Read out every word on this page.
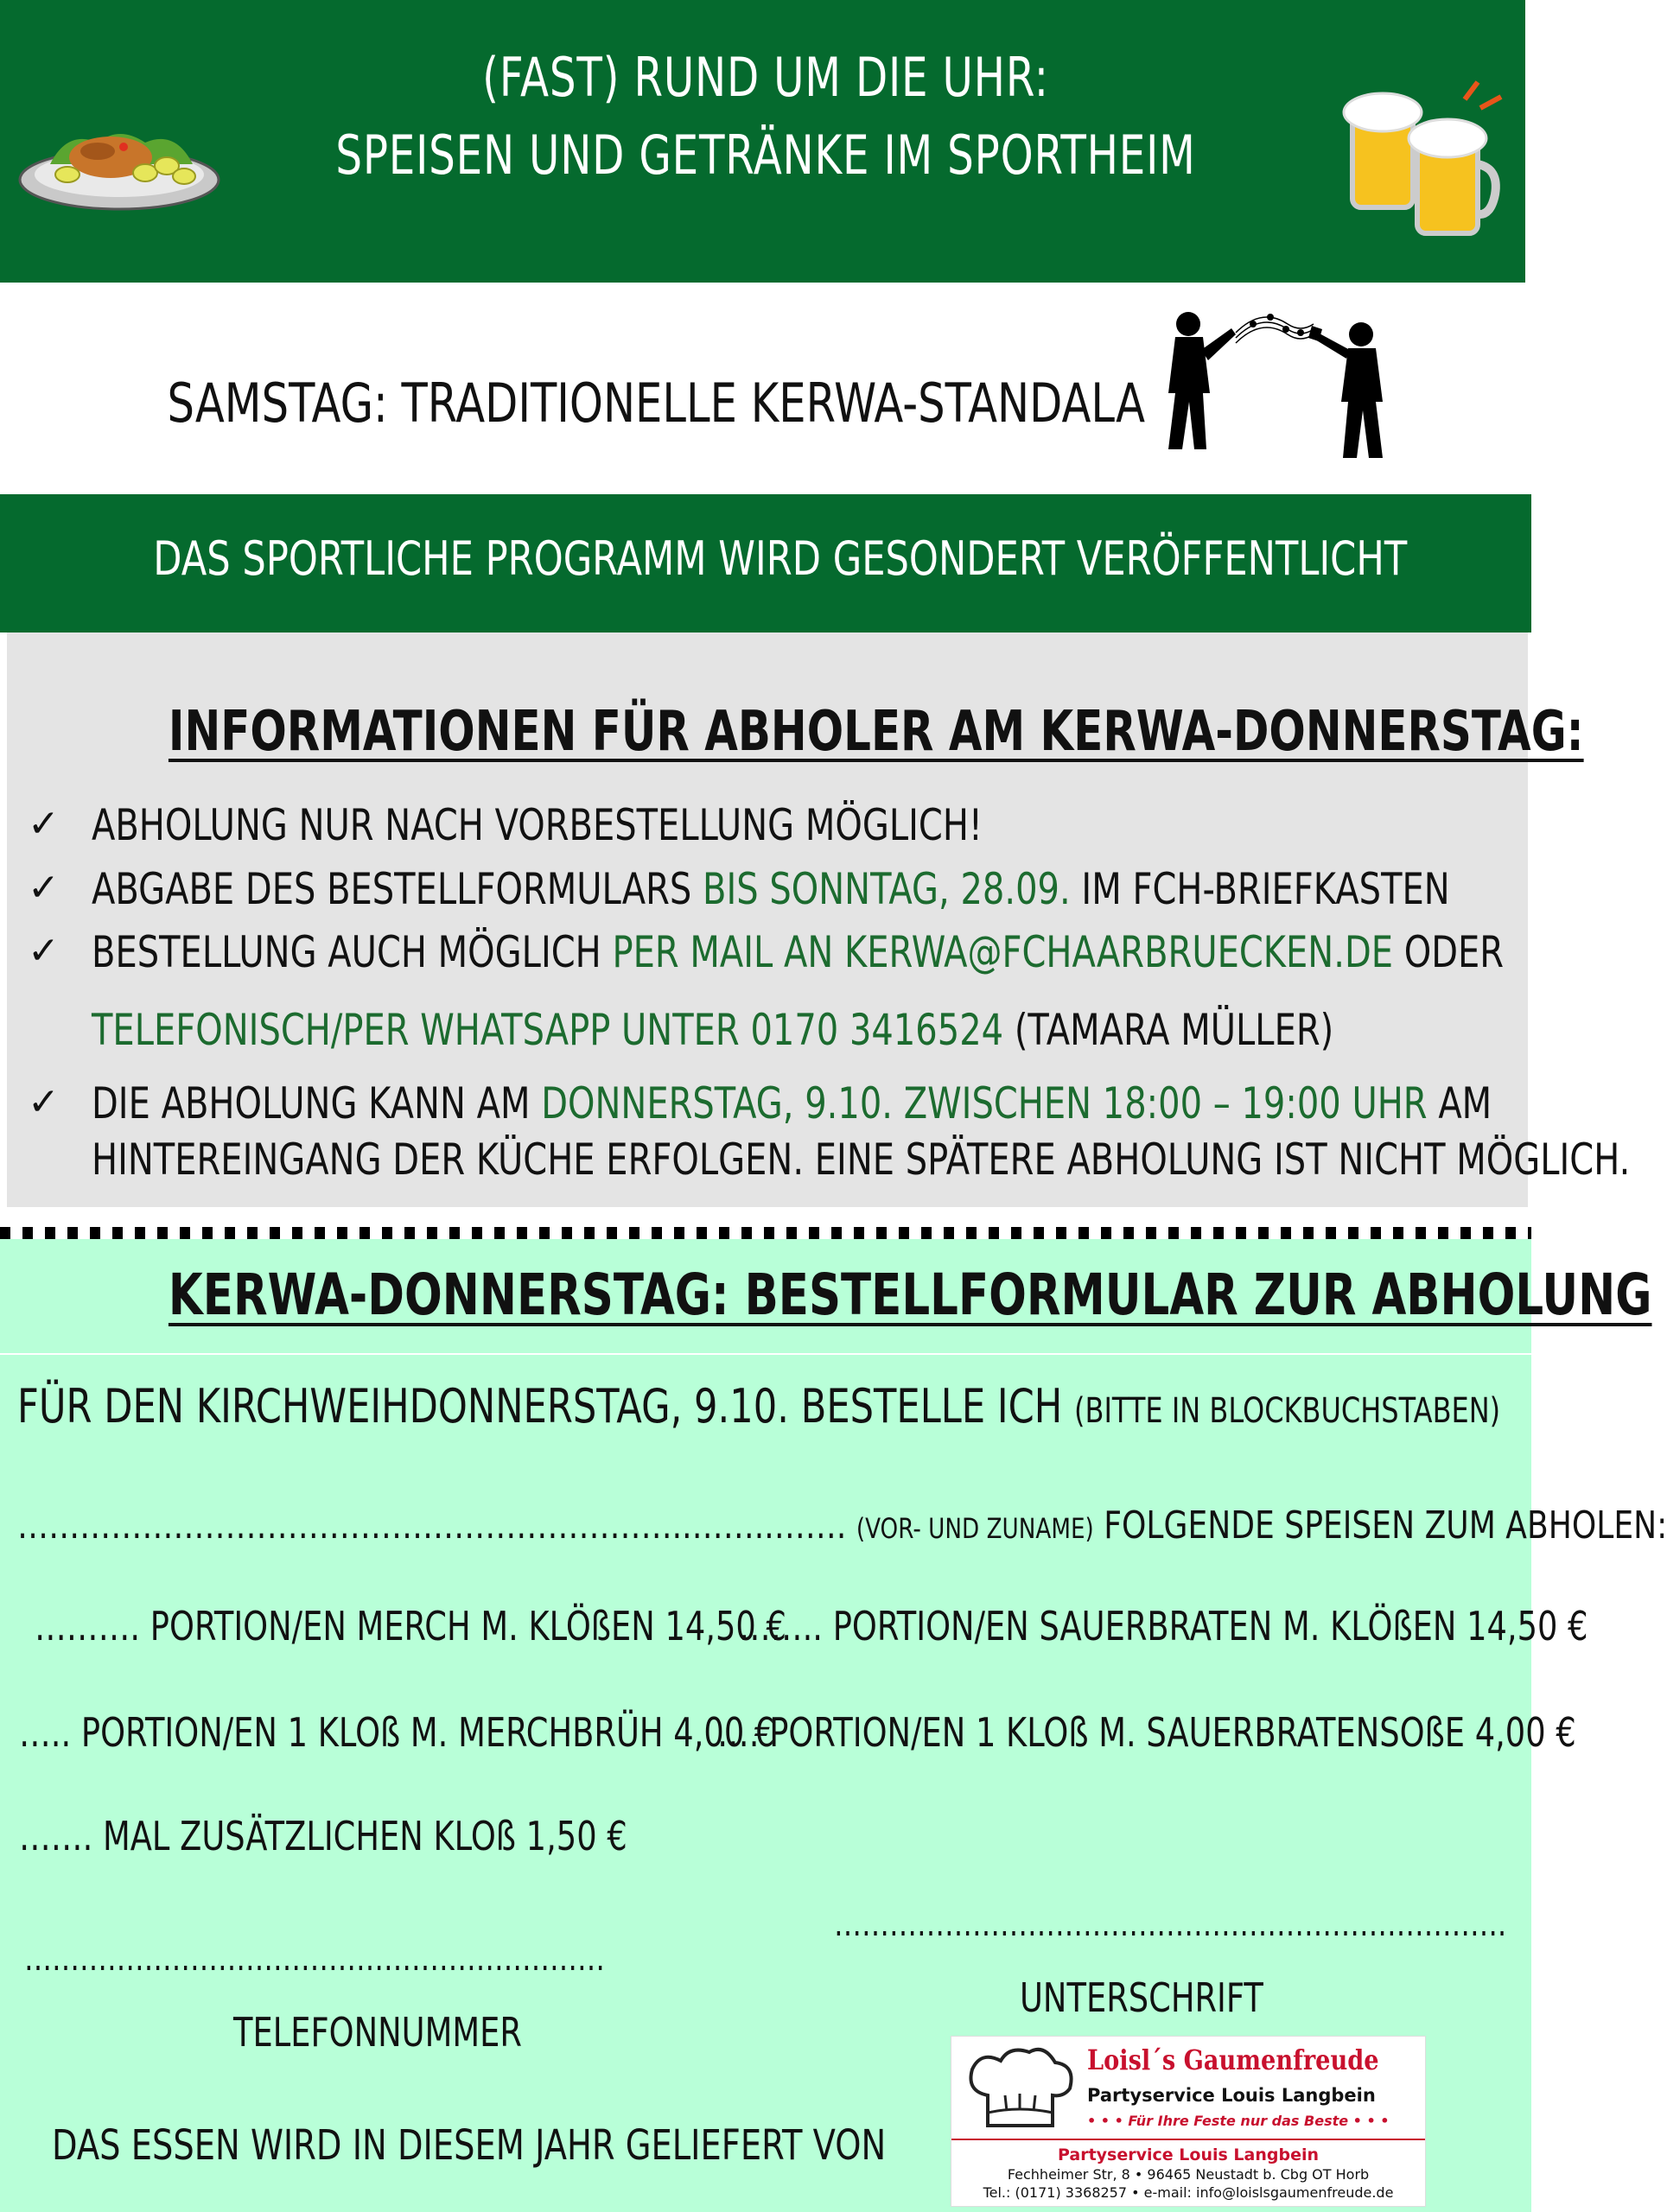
(FAST) RUND UM DIE UHR:
SPEISEN UND GETRÄNKE IM SPORTHEIM
SAMSTAG: TRADITIONELLE KERWA-STANDALA
DAS SPORTLICHE PROGRAMM WIRD GESONDERT VERÖFFENTLICHT
INFORMATIONEN FÜR ABHOLER AM KERWA-DONNERSTAG:
✓ ABHOLUNG NUR NACH VORBESTELLUNG MÖGLICH!
✓ ABGABE DES BESTELLFORMULARS BIS SONNTAG, 28.09. IM FCH-BRIEFKASTEN
✓ BESTELLUNG AUCH MÖGLICH PER MAIL AN KERWA@FCHAARBRUECKEN.DE ODER
TELEFONISCH/PER WHATSAPP UNTER 0170 3416524 (TAMARA MÜLLER)
✓ DIE ABHOLUNG KANN AM DONNERSTAG, 9.10. ZWISCHEN 18:00 – 19:00 UHR AM
HINTEREINGANG DER KÜCHE ERFOLGEN. EINE SPÄTERE ABHOLUNG IST NICHT MÖGLICH.
KERWA-DONNERSTAG: BESTELLFORMULAR ZUR ABHOLUNG
FÜR DEN KIRCHWEIHDONNERSTAG, 9.10. BESTELLE ICH (BITTE IN BLOCKBUCHSTABEN)
………………………………………………………..……..……. (VOR- UND ZUNAME) FOLGENDE SPEISEN ZUM ABHOLEN:
………. PORTION/EN MERCH M. KLÖßEN 14,50 €
…….. PORTION/EN SAUERBRATEN M. KLÖßEN 14,50 €
….. PORTION/EN 1 KLOß M. MERCHBRÜH 4,00 €
…. PORTION/EN 1 KLOß M. SAUERBRATENSOßE 4,00 €
……. MAL ZUSÄTZLICHEN KLOß 1,50 €
……………………………………………………………….
UNTERSCHRIFT
………………………………………………………
TELEFONNUMMER
DAS ESSEN WIRD IN DIESEM JAHR GELIEFERT VON
Loisl´s Gaumenfreude
Partyservice Louis Langbein
• • • Für Ihre Feste nur das Beste • • •
Partyservice Louis Langbein
Fechheimer Str, 8 • 96465 Neustadt b. Cbg OT Horb
Tel.: (0171) 3368257 • e-mail: info@loislsgaumenfreude.de
